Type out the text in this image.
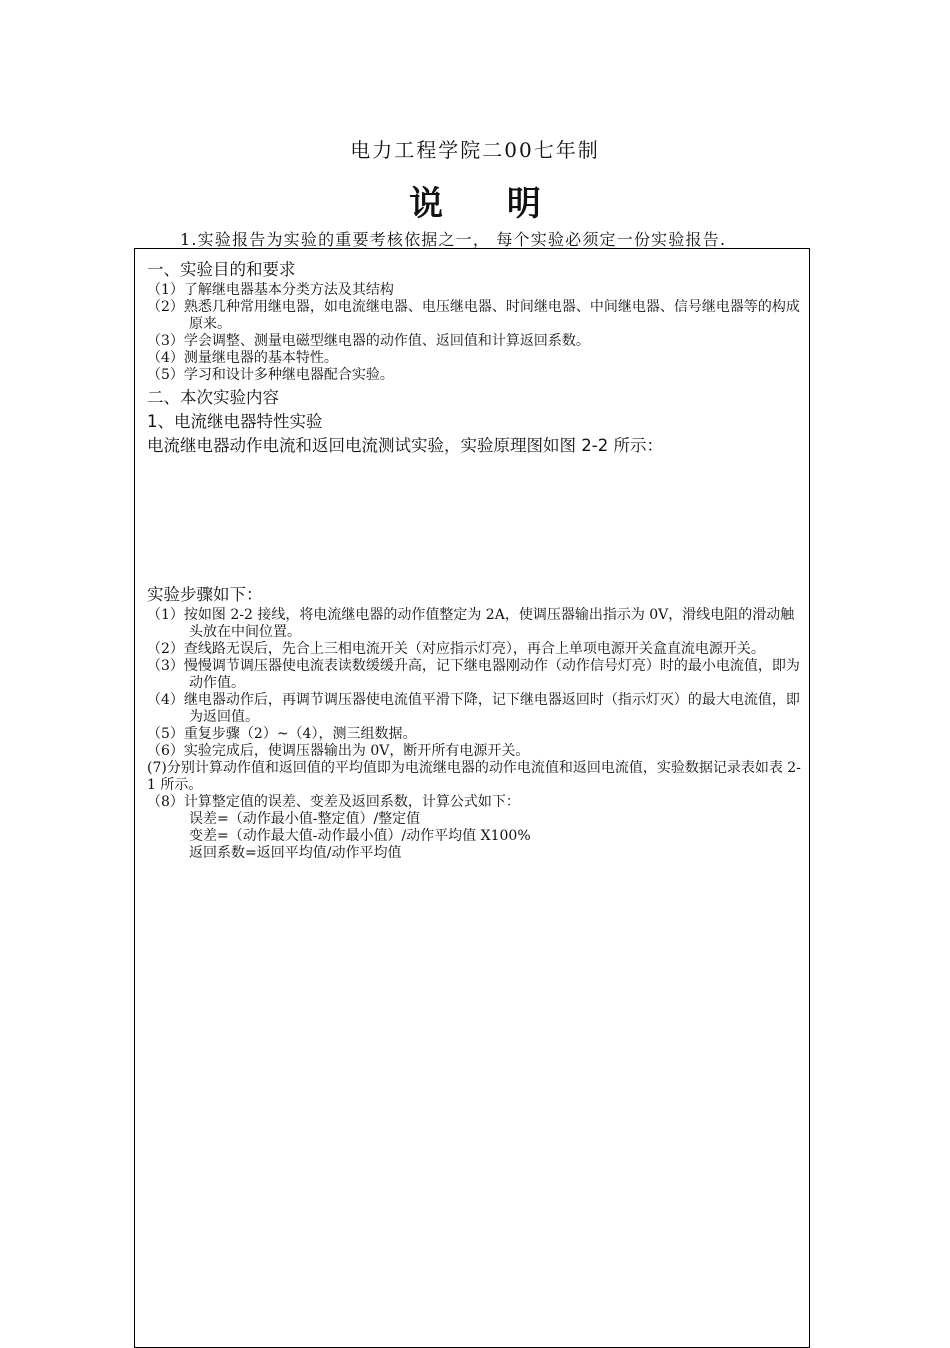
电力工程学院二00七年制
说 明
1.实验报告为实验的重要考核依据之一， 每个实验必须定一份实验报告.

一、实验目的和要求

（1）了解继电器基本分类方法及其结构

（2）熟悉几种常用继电器，如电流继电器、电压继电器、时间继电器、中间继电器、信号继电器等的构成原来。

（3）学会调整、测量电磁型继电器的动作值、返回值和计算返回系数。

（4）测量继电器的基本特性。

（5）学习和设计多种继电器配合实验。

二、本次实验内容

1、电流继电器特性实验

电流继电器动作电流和返回电流测试实验，实验原理图如图 2-2 所示：

实验步骤如下：

（1）按如图 2-2 接线，将电流继电器的动作值整定为 2A，使调压器输出指示为 0V，滑线电阻的滑动触头放在中间位置。

（2）查线路无误后，先合上三相电流开关（对应指示灯亮），再合上单项电源开关盒直流电源开关。

（3）慢慢调节调压器使电流表读数缓缓升高，记下继电器刚动作（动作信号灯亮）时的最小电流值，即为动作值。

（4）继电器动作后，再调节调压器使电流值平滑下降，记下继电器返回时（指示灯灭）的最大电流值，即为返回值。

（5）重复步骤（2）~（4），测三组数据。

（6）实验完成后，使调压器输出为 0V，断开所有电源开关。

(7)分别计算动作值和返回值的平均值即为电流继电器的动作电流值和返回电流值，实验数据记录表如表 2-1 所示。

（8）计算整定值的误差、变差及返回系数，计算公式如下：

误差=（动作最小值-整定值）/整定值

变差=（动作最大值-动作最小值）/动作平均值 X100%

返回系数=返回平均值/动作平均值
